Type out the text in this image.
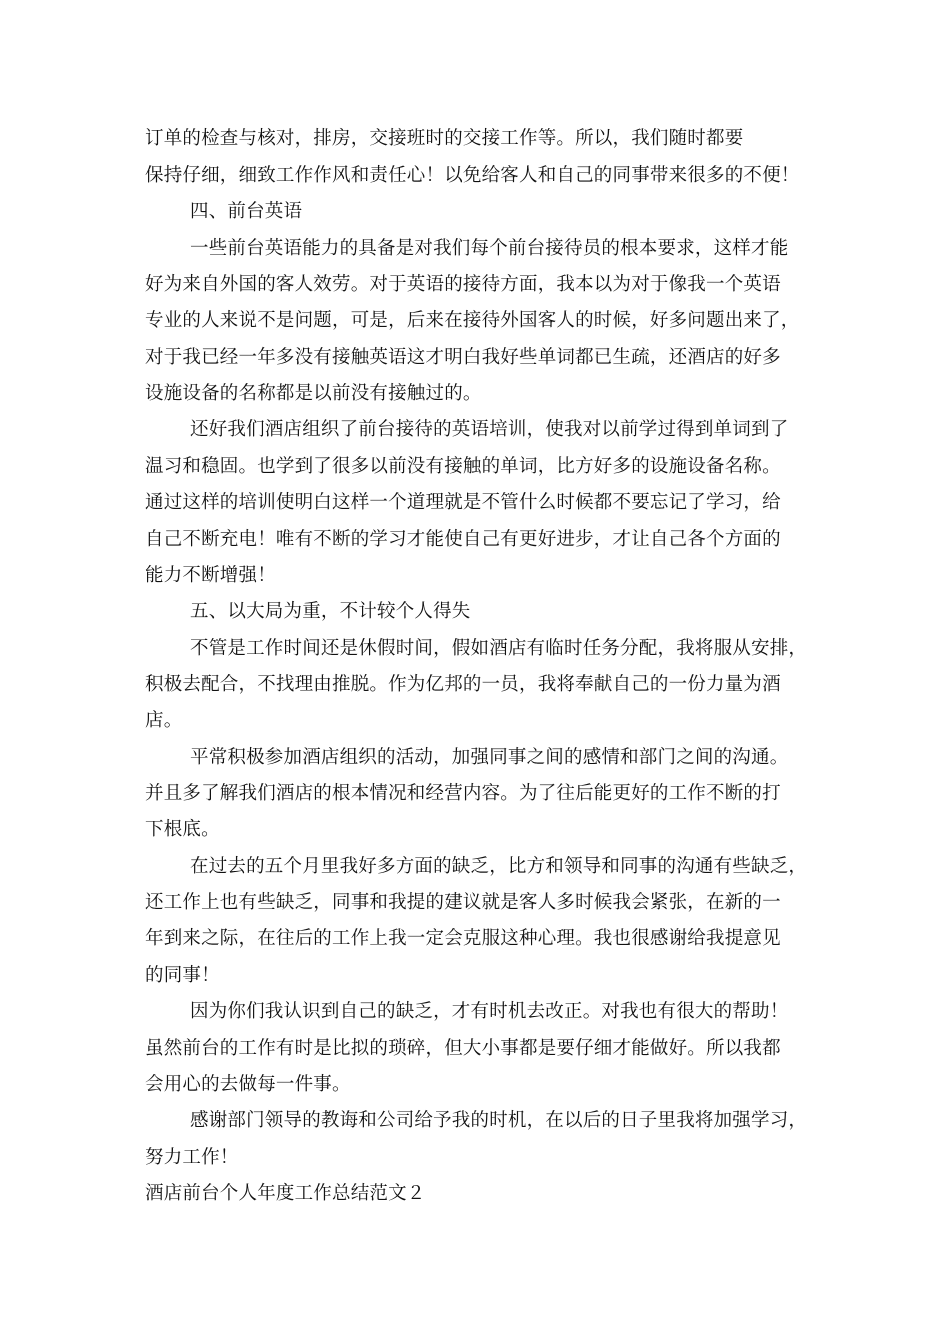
订单的检查与核对，排房，交接班时的交接工作等。所以，我们随时都要
保持仔细，细致工作作风和责任心！以免给客人和自己的同事带来很多的不便！
四、前台英语
一些前台英语能力的具备是对我们每个前台接待员的根本要求，这样才能
好为来自外国的客人效劳。对于英语的接待方面，我本以为对于像我一个英语
专业的人来说不是问题，可是，后来在接待外国客人的时候，好多问题出来了，
对于我已经一年多没有接触英语这才明白我好些单词都已生疏，还酒店的好多
设施设备的名称都是以前没有接触过的。
还好我们酒店组织了前台接待的英语培训，使我对以前学过得到单词到了
温习和稳固。也学到了很多以前没有接触的单词，比方好多的设施设备名称。
通过这样的培训使明白这样一个道理就是不管什么时候都不要忘记了学习，给
自己不断充电！唯有不断的学习才能使自己有更好进步，才让自己各个方面的
能力不断增强！
五、以大局为重，不计较个人得失
不管是工作时间还是休假时间，假如酒店有临时任务分配，我将服从安排，
积极去配合，不找理由推脱。作为亿邦的一员，我将奉献自己的一份力量为酒
店。
平常积极参加酒店组织的活动，加强同事之间的感情和部门之间的沟通。
并且多了解我们酒店的根本情况和经营内容。为了往后能更好的工作不断的打
下根底。
在过去的五个月里我好多方面的缺乏，比方和领导和同事的沟通有些缺乏，
还工作上也有些缺乏，同事和我提的建议就是客人多时候我会紧张，在新的一
年到来之际，在往后的工作上我一定会克服这种心理。我也很感谢给我提意见
的同事！
因为你们我认识到自己的缺乏，才有时机去改正。对我也有很大的帮助！
虽然前台的工作有时是比拟的琐碎，但大小事都是要仔细才能做好。所以我都
会用心的去做每一件事。
感谢部门领导的教诲和公司给予我的时机，在以后的日子里我将加强学习，
努力工作！
酒店前台个人年度工作总结范文２
